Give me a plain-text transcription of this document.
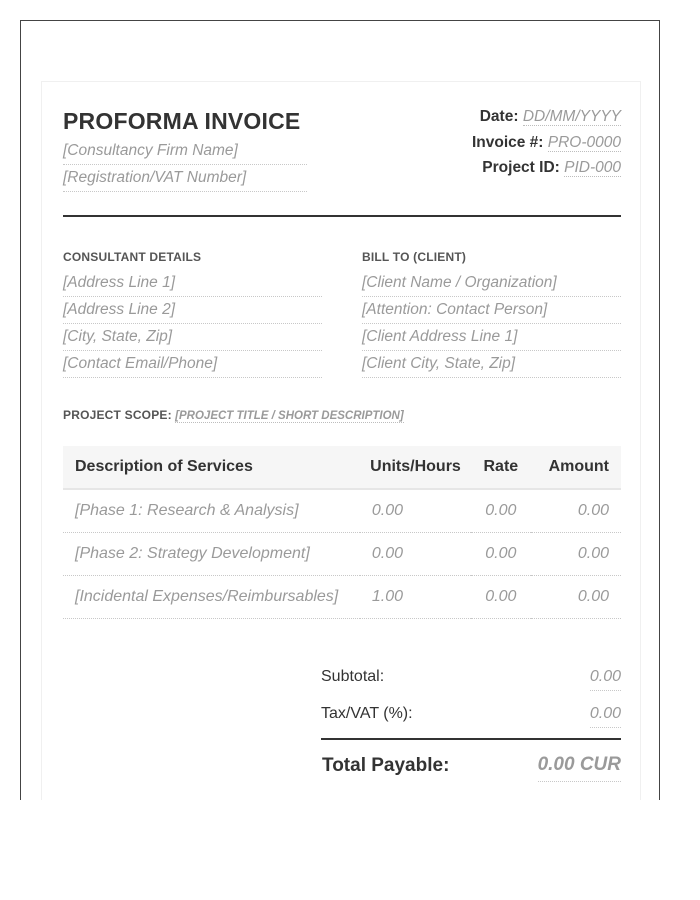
PROFORMA INVOICE
[Consultancy Firm Name]
[Registration/VAT Number]
Date: DD/MM/YYYY
Invoice #: PRO-0000
Project ID: PID-000
CONSULTANT DETAILS
[Address Line 1]
[Address Line 2]
[City, State, Zip]
[Contact Email/Phone]
BILL TO (CLIENT)
[Client Name / Organization]
[Attention: Contact Person]
[Client Address Line 1]
[Client City, State, Zip]
PROJECT SCOPE: [PROJECT TITLE / SHORT DESCRIPTION]
Description of Services	Units/Hours	Rate	Amount
[Phase 1: Research & Analysis]	0.00	0.00	0.00
[Phase 2: Strategy Development]	0.00	0.00	0.00
[Incidental Expenses/Reimbursables]	1.00	0.00	0.00
Subtotal:	0.00
Tax/VAT (%):	0.00
Total Payable:	0.00 CUR
